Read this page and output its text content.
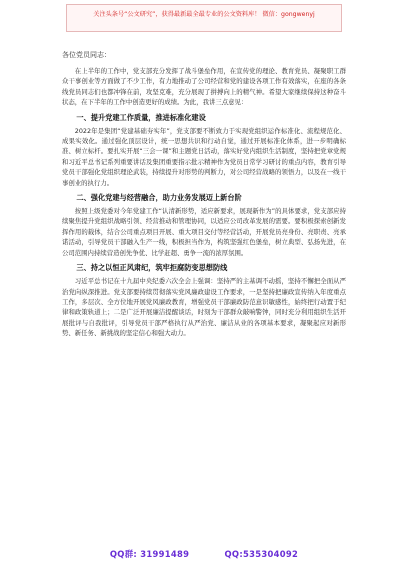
关注头条号“公文研究”，获得最新最全最专业的公文资料库！ 微信：gongwenyj
各位党员同志：

在上半年的工作中，党支部充分发挥了战斗堡垒作用，在宣传党的理论、教育党员、凝聚职工群众干事创业等方面做了不少工作，有力地推动了公司经营和党的建设各项工作有效落实，在座的各条线党员同志们也都冲锋在前，攻坚克难，充分展现了拼搏向上的精气神。希望大家继续保持这种奋斗状态，在下半年的工作中创造更好的成绩。为此，我讲三点意见：

一、提升党建工作质量，推进标准化建设

2022年是集团“党建基础夯实年”，党支部要不断致力于实现党组织运作标准化、流程规范化、成果实效化。通过强化顶层设计，统一思想共识和行动自觉，通过开展标准化体系，进一步明确标准、树立标杆。要扎实开展“三会一课”和主题党日活动，落实好党内组织生活制度，坚持把党章党规和习近平总书记系列重要讲话及集团重要指示批示精神作为党员日常学习研讨的重点内容，教育引导党员干部强化党组织理论武装，持续提升对形势的判断力，对公司经营战略的领悟力，以及在一线干事创业的执行力。

二、强化党建与经营融合，助力业务发展迈上新台阶

按照上级党委对今年党建工作“认清新形势，适应新要求，展现新作为”的具体要求，党支部应持续聚焦提升党组织战略引领、经营推动和管理协同，以适应公司改革发展的需要。要积极探索创新发挥作用的载体，结合公司重点项目开展、重大项目交付等经营活动，开展党员亮身份、亮职责、亮承诺活动，引导党员干部融入生产一线，积极担当作为，构筑坚强红色堡垒，树立典型、弘扬先进，在公司范围内持续营造创先争优、比学赶超、勇争一流的浓厚氛围。

三、持之以恒正风肃纪，筑牢拒腐防变思想防线

习近平总书记在十九届中央纪委六次全会上强调：坚持严的主基调不动摇，坚持不懈把全面从严治党向纵深推进。党支部要持续贯彻落实党风廉政建设工作要求，一是坚持把廉政宣传纳入年度重点工作，多层次、全方位地开展党风廉政教育，增强党员干部廉政防范意识敏感性，始终把行动置于纪律和政策轨道上；二是广泛开展廉洁提醒谈话，时刻为干部群众敲响警钟，同时充分利用组织生活开展批评与自我批评，引导党员干部严格执行从严治党、廉洁从业的各项基本要求，凝聚起应对新形势、新任务、新挑战的坚定信心和强大动力。

QQ群: 31991489	QQ:535304092
